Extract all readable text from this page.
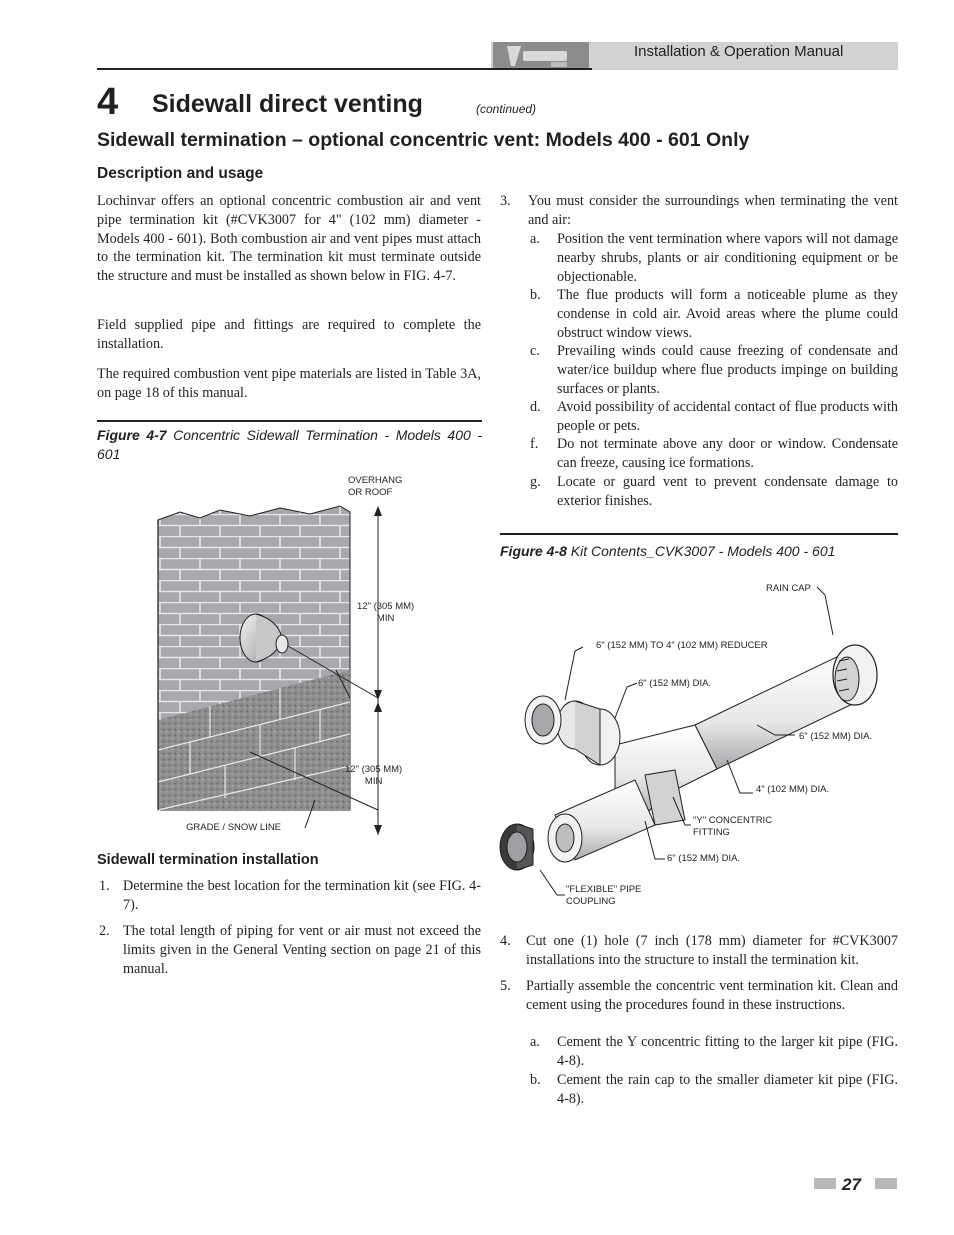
Installation & Operation Manual
4 Sidewall direct venting	(continued)
Sidewall termination – optional concentric vent: Models 400 - 601 Only
Description and usage
Lochinvar offers an optional concentric combustion air and vent pipe termination kit (#CVK3007 for 4" (102 mm) diameter - Models 400 - 601). Both combustion air and vent pipes must attach to the termination kit. The termination kit must terminate outside the structure and must be installed as shown below in FIG. 4-7.
Field supplied pipe and fittings are required to complete the installation.
The required combustion vent pipe materials are listed in Table 3A, on page 18 of this manual.
Figure 4-7 Concentric Sidewall Termination - Models 400 - 601
OVERHANG
OR ROOF
12" (305 MM)
MIN
12" (305 MM)
MIN
GRADE / SNOW LINE
Sidewall termination installation
1. Determine the best location for the termination kit (see FIG. 4-7).
2. The total length of piping for vent or air must not exceed the limits given in the General Venting section on page 21 of this manual.
3. You must consider the surroundings when terminating the vent and air:
a. Position the vent termination where vapors will not damage nearby shrubs, plants or air conditioning equipment or be objectionable.
b. The flue products will form a noticeable plume as they condense in cold air. Avoid areas where the plume could obstruct window views.
c. Prevailing winds could cause freezing of condensate and water/ice buildup where flue products impinge on building surfaces or plants.
d. Avoid possibility of accidental contact of flue products with people or pets.
f. Do not terminate above any door or window. Condensate can freeze, causing ice formations.
g. Locate or guard vent to prevent condensate damage to exterior finishes.
Figure 4-8 Kit Contents_CVK3007 - Models 400 - 601
RAIN CAP
6" (152 MM) TO 4" (102 MM) REDUCER
6" (152 MM) DIA.
6" (152 MM) DIA.
4" (102 MM) DIA.
"Y" CONCENTRIC
FITTING
6" (152 MM) DIA.
"FLEXIBLE" PIPE
COUPLING
4. Cut one (1) hole (7 inch (178 mm) diameter for #CVK3007 installations into the structure to install the termination kit.
5. Partially assemble the concentric vent termination kit. Clean and cement using the procedures found in these instructions.
a. Cement the Y concentric fitting to the larger kit pipe (FIG. 4-8).
b. Cement the rain cap to the smaller diameter kit pipe (FIG. 4-8).
27
